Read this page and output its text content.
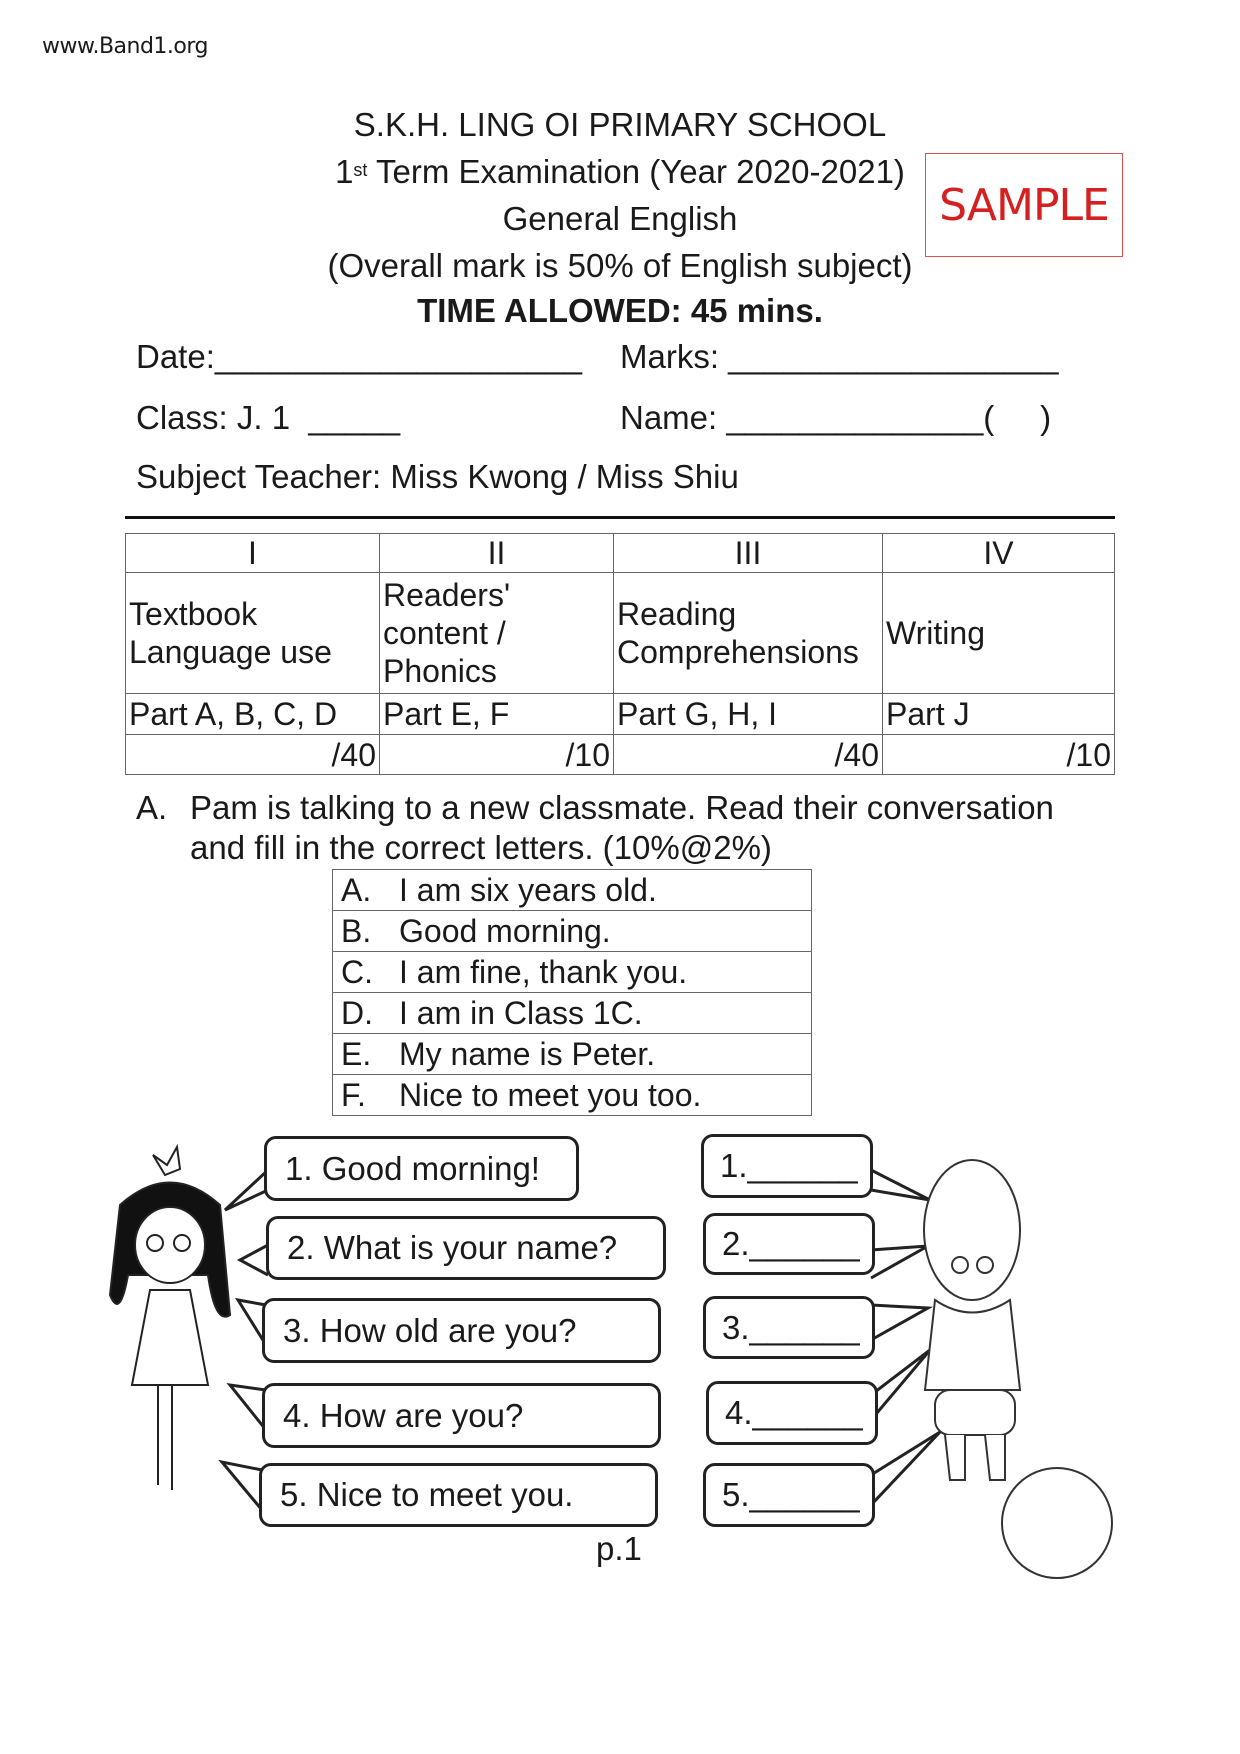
www.Band1.org
S.K.H. LING OI PRIMARY SCHOOL
1st Term Examination (Year 2020-2021)
General English
(Overall mark is 50% of English subject)
TIME ALLOWED: 45 mins.
SAMPLE
Date:____________________ Marks: __________________
Class: J. 1  _____	Name: ______________(     )
Subject Teacher: Miss Kwong / Miss Shiu
I	II	III	IV
Textbook Language use	Readers' content / Phonics	Reading Comprehensions	Writing
Part A, B, C, D	Part E, F	Part G, H, I	Part J
/40	/10	/40	/10
A. Pam is talking to a new classmate. Read their conversation
and fill in the correct letters. (10%@2%)
A. I am six years old.
B. Good morning.
C. I am fine, thank you.
D. I am in Class 1C.
E. My name is Peter.
F. Nice to meet you too.
1. Good morning!
2. What is your name?
3. How old are you?
4. How are you?
5. Nice to meet you.
1.______
2.______
3.______
4.______
5.______
p.1
